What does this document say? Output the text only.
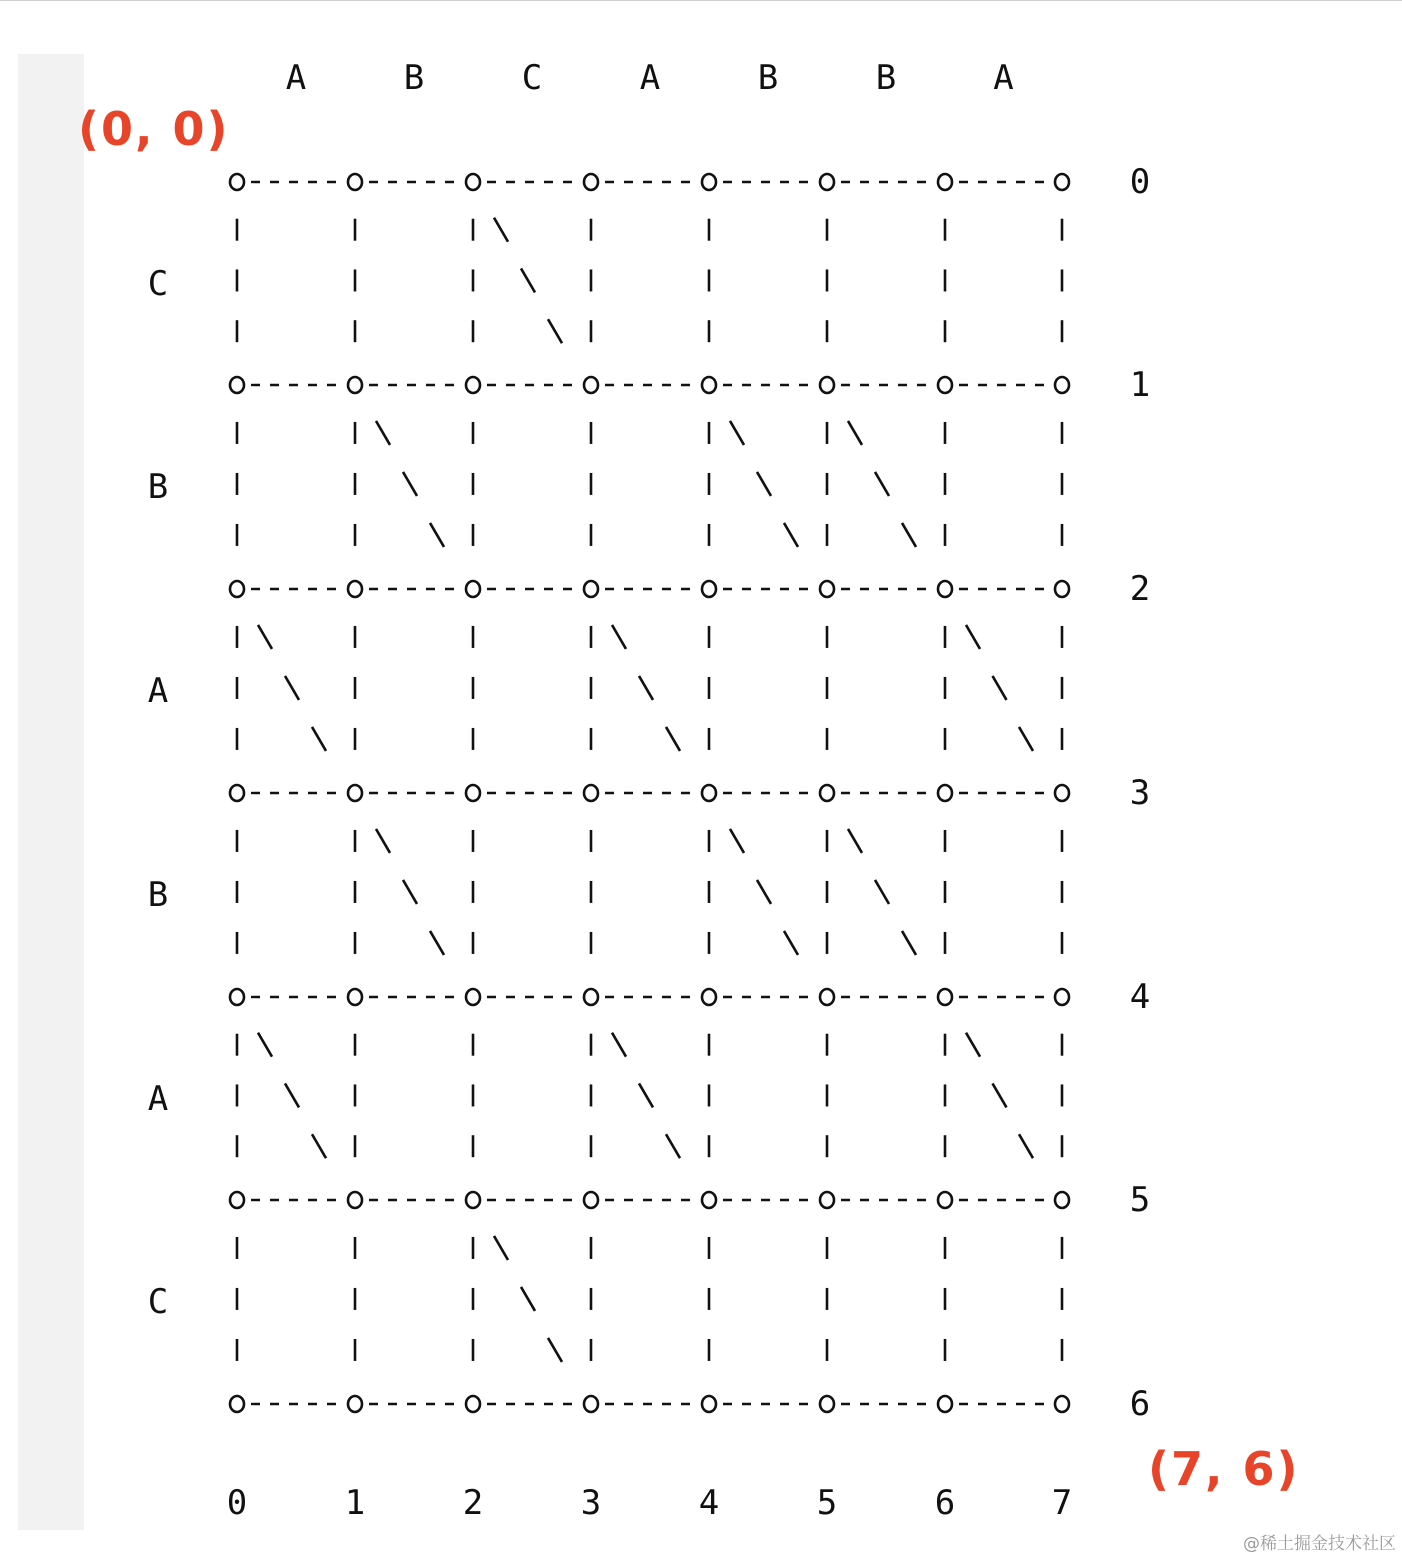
(0, 0)
(7, 6)
@稀土掘金技术社区
A	B	C	A	B	B	A
C
B
A
B
A
C
0	1	2	3	4	5	6	7
0
1
2
3
4
5
6
